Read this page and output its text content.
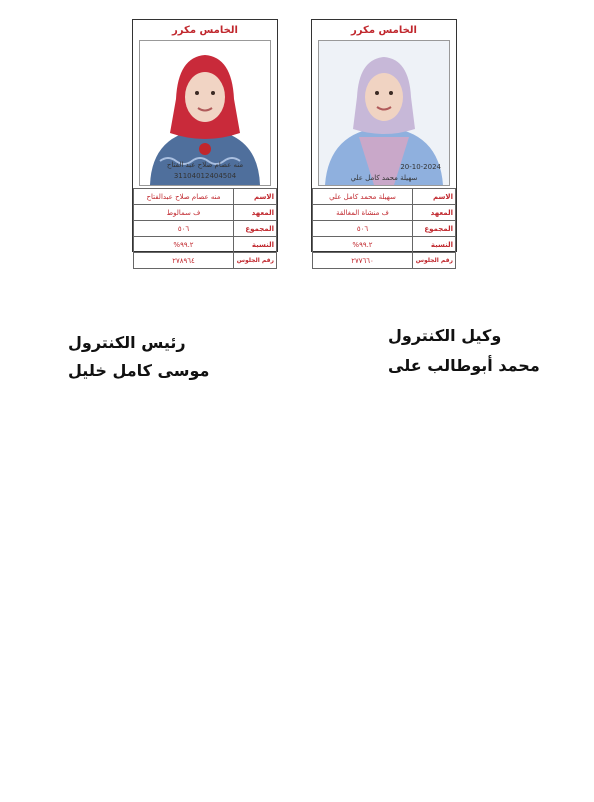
الخامس مكرر
منه عصام صلاح عبد الفتاح
31104012404504
منه عصام صلاح عبدالفتاح	الاسم
ف سمالوط	المعهد
٥٠٦	المجموع
%٩٩.٢	النسبة
٢٧٨٩٦٤	رقم الجلوس
الخامس مكرر
20-10-2024
سهيلة محمد كامل علي
سهيلة محمد كامل علي	الاسم
ف منشاة المغالقة	المعهد
٥٠٦	المجموع
%٩٩.٢	النسبة
٢٧٧٦٦٠	رقم الجلوس
وكيل الكنترول
محمد أبوطالب على
رئيس الكنترول
موسى كامل خليل
